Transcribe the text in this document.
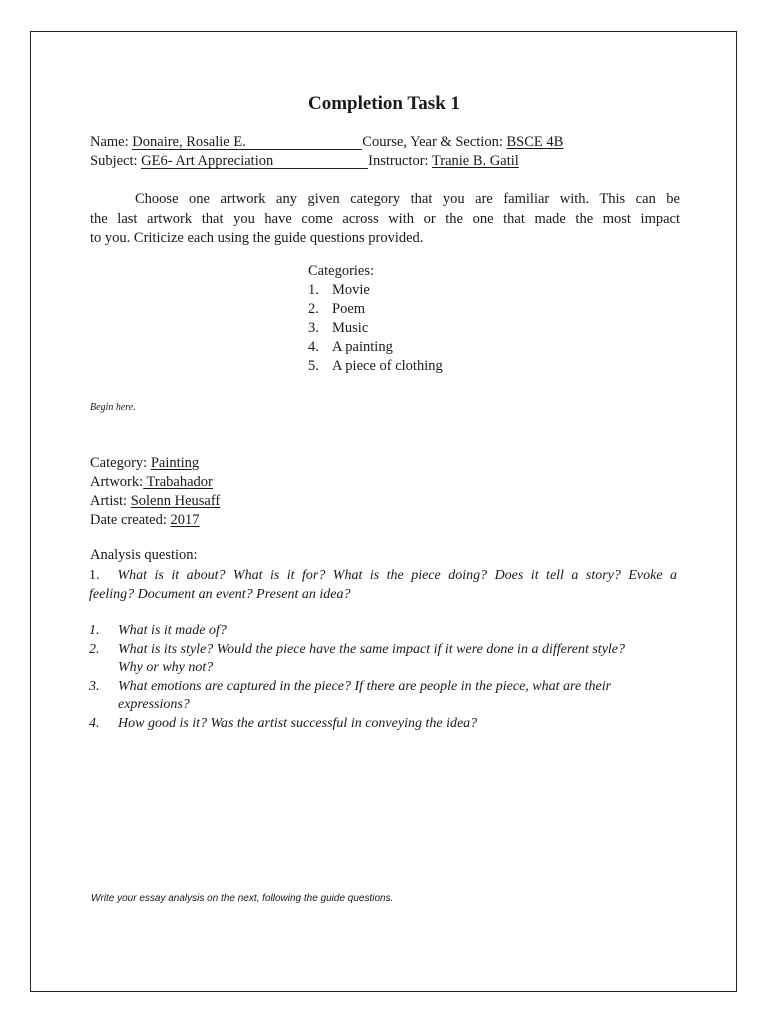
Completion Task 1
Name: Donaire, Rosalie E.	Course, Year & Section: BSCE 4B
Subject: GE6- Art Appreciation	Instructor: Tranie B. Gatil
Choose one artwork any given category that you are familiar with. This can be
the last artwork that you have come across with or the one that made the most impact
to you. Criticize each using the guide questions provided.
Categories:
1. Movie
2. Poem
3. Music
4. A painting
5. A piece of clothing
Begin here.
Category: Painting
Artwork: Trabahador
Artist: Solenn Heusaff
Date created: 2017
Analysis question:
1. What is it about? What is it for? What is the piece doing? Does it tell a story? Evoke a
feeling? Document an event? Present an idea?
1.	What is it made of?
2.	What is its style? Would the piece have the same impact if it were done in a different style?
Why or why not?
3.	What emotions are captured in the piece? If there are people in the piece, what are their
expressions?
4.	How good is it? Was the artist successful in conveying the idea?
Write your essay analysis on the next, following the guide questions.
